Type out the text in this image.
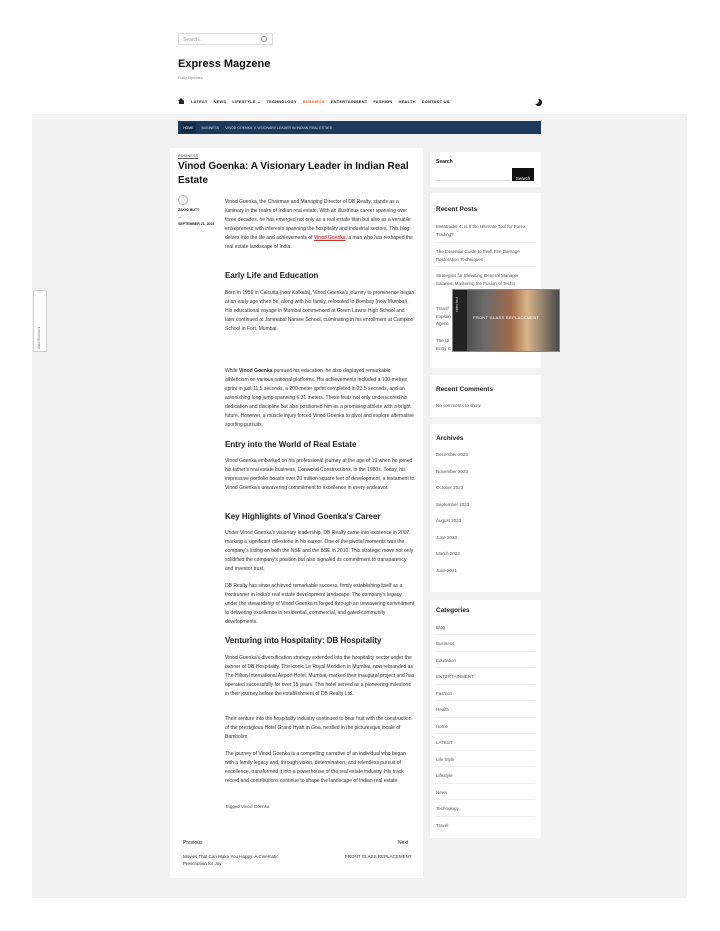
Search...
Express Magzene
Daily Updates
LATEST NEWS LIFESTYLE ⌄ TECHNOLOGY BUSINESS ENTERTAINMENT FASHION HEALTH CONTACT US
HOME	BUSINESS VINOD GOENKA: A VISIONARY LEADER IN INDIAN REAL ESTATE
BUSINESS
Vinod Goenka: A Visionary Leader in Indian Real Estate
ZAKIO BUTT
—
SEPTEMBER 21, 2023

Vinod Goenka, the Chairman and Managing Director of DB Realty, stands as a luminary in the realm of Indian real estate. With an illustrious career spanning over three decades, he has emerged not only as a real estate titan but also as a versatile entrepreneur with interests spanning the hospitality and industrial sectors. This blog delves into the life and achievements of Vinod Goenka, a man who has reshaped the real estate landscape of India.

Early Life and Education

Born in 1959 in Calcutta (now Kolkata), Vinod Goenka's journey to prominence began at an early age when he, along with his family, relocated to Bombay (now Mumbai). His educational voyage in Mumbai commenced at Green Lawns High School and later continued at Jamnabai Narsee School, culminating in his enrollment at Campion School in Fort, Mumbai.

While Vinod Goenka pursued his education, he also displayed remarkable athleticism on various national platforms. His achievements included a 100-metres sprint in just 11.5 seconds, a 200-meter sprint completed in 23.5 seconds, and an astonishing long jump spanning 6.31 meters. These feats not only underscored his dedication and discipline but also positioned him as a promising athlete with a bright future. However, a muscle injury forced Vinod Goenka to pivot and explore alternative sporting pursuits.

Entry into the World of Real Estate

Vinod Goenka embarked on his professional journey at the age of 19 when he joined his father's real estate business, Conwood Constructions, in the 1980s. Today, his impressive portfolio boasts over 20 million square feet of development, a testament to Vinod Goenka's unwavering commitment to excellence in every endeavor.

Key Highlights of Vinod Goenka's Career

Under Vinod Goenka's visionary leadership, DB Realty came into existence in 2007, marking a significant milestone in his career. One of the pivotal moments was the company's listing on both the NSE and the BSE in 2010. This strategic move not only solidified the company's position but also signaled its commitment to transparency and investor trust.

DB Realty has since achieved remarkable success, firmly establishing itself as a frontrunner in India's real estate development landscape. The company's legacy under the stewardship of Vinod Goenka is forged through an unwavering commitment to delivering excellence in residential, commercial, and gated community developments.

Venturing into Hospitality: DB Hospitality

Vinod Goenka's diversification strategy extended into the hospitality sector under the banner of DB Hospitality. The iconic Le Royal Meridien in Mumbai, now rebranded as The Hilton International Airport Hotel, Mumbai, marked their inaugural project and has operated successfully for over 15 years. This hotel served as a pioneering milestone in their journey before the establishment of DB Realty Ltd.

Their venture into the hospitality industry continued to bear fruit with the construction of the prestigious Hotel Grand Hyatt in Goa, nestled in the picturesque locale of Bambolim.

The journey of Vinod Goenka is a compelling narrative of an individual who began with a family legacy and, through vision, determination, and relentless pursuit of excellence, transformed it into a powerhouse of the real estate industry. His track record and contributions continue to shape the landscape of Indian real estate.

Tagged Vinod Goenka
Previous
Movies That Can Make You Happy: A Cinematic Prescription for Joy
Next
FRONT GLASS REPLACEMENT
Search
Search
Recent Posts
Metatrader 4: Is It the Ultimate Tool for Forex Trading?
The Essential Guide to Swift Fire Damage Restoration Techniques
Strategies for Elevating General Manager Salaries: Mastering the Fusion of Techn
Transf Explain Agenc
The Ul Entry C
FRONT GLASS REPLACEMENT
video text
Recent Comments
No comments to show.
Archives
December 2023
November 2023
October 2023
September 2023
August 2023
June 2023
March 2023
June 2021
Categories
Blog
Business
Education
ENTERTAINMENT
Fashion
Health
Home
LATEST
Life Style
Lifestyle
News
Technology
Travel
Advertisement
